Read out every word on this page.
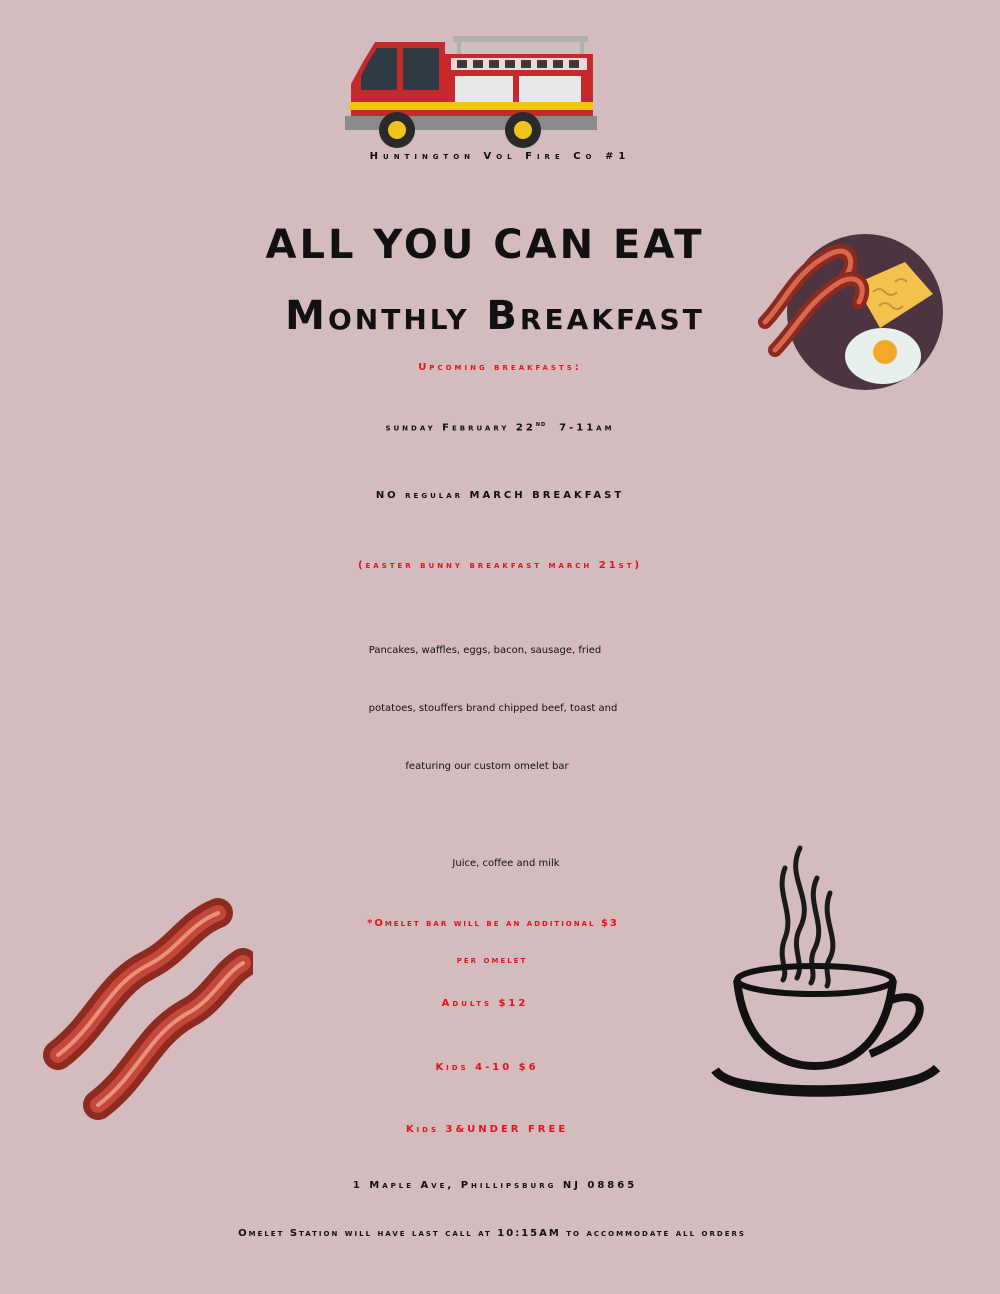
Huntington Vol Fire Co #1
ALL YOU CAN EAT
Monthly Breakfast
Upcoming breakfasts:
sunday February 22ND 7-11am
NO regular MARCH BREAKFAST
(easter bunny breakfast march 21st)
Pancakes, waffles, eggs, bacon, sausage, fried
potatoes, stouffers brand chipped beef, toast and
featuring our custom omelet bar
Juice, coffee and milk
*Omelet bar will be an additional $3
per omelet
Adults $12
Kids 4-10 $6
Kids 3&UNDER FREE
1 Maple Ave, Phillipsburg NJ 08865
Omelet Station will have last call at 10:15AM to accommodate all orders
